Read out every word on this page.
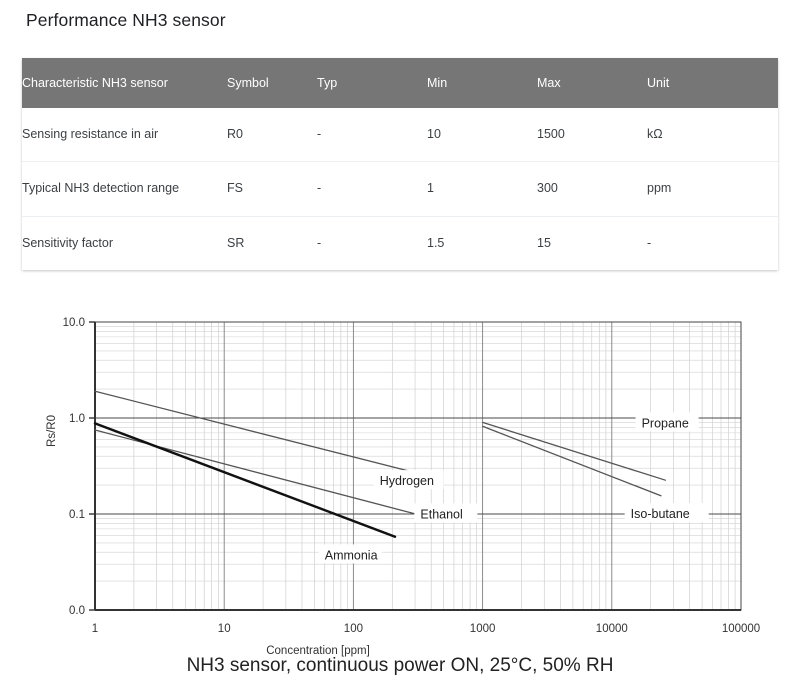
Performance NH3 sensor
Characteristic NH3 sensor	Symbol	Typ	Min	Max	Unit
Sensing resistance in air	R0	-	10	1500	kΩ
Typical NH3 detection range	FS	-	1	300	ppm
Sensitivity factor	SR	-	1.5	15	-
Hydrogen
Ethanol
Ammonia
Propane
Iso-butane
1	10	100	1000	10000	100000
10.0
1.0
0.1
0.0
Concentration [ppm]
Rs/R0
NH3 sensor, continuous power ON, 25°C, 50% RH
